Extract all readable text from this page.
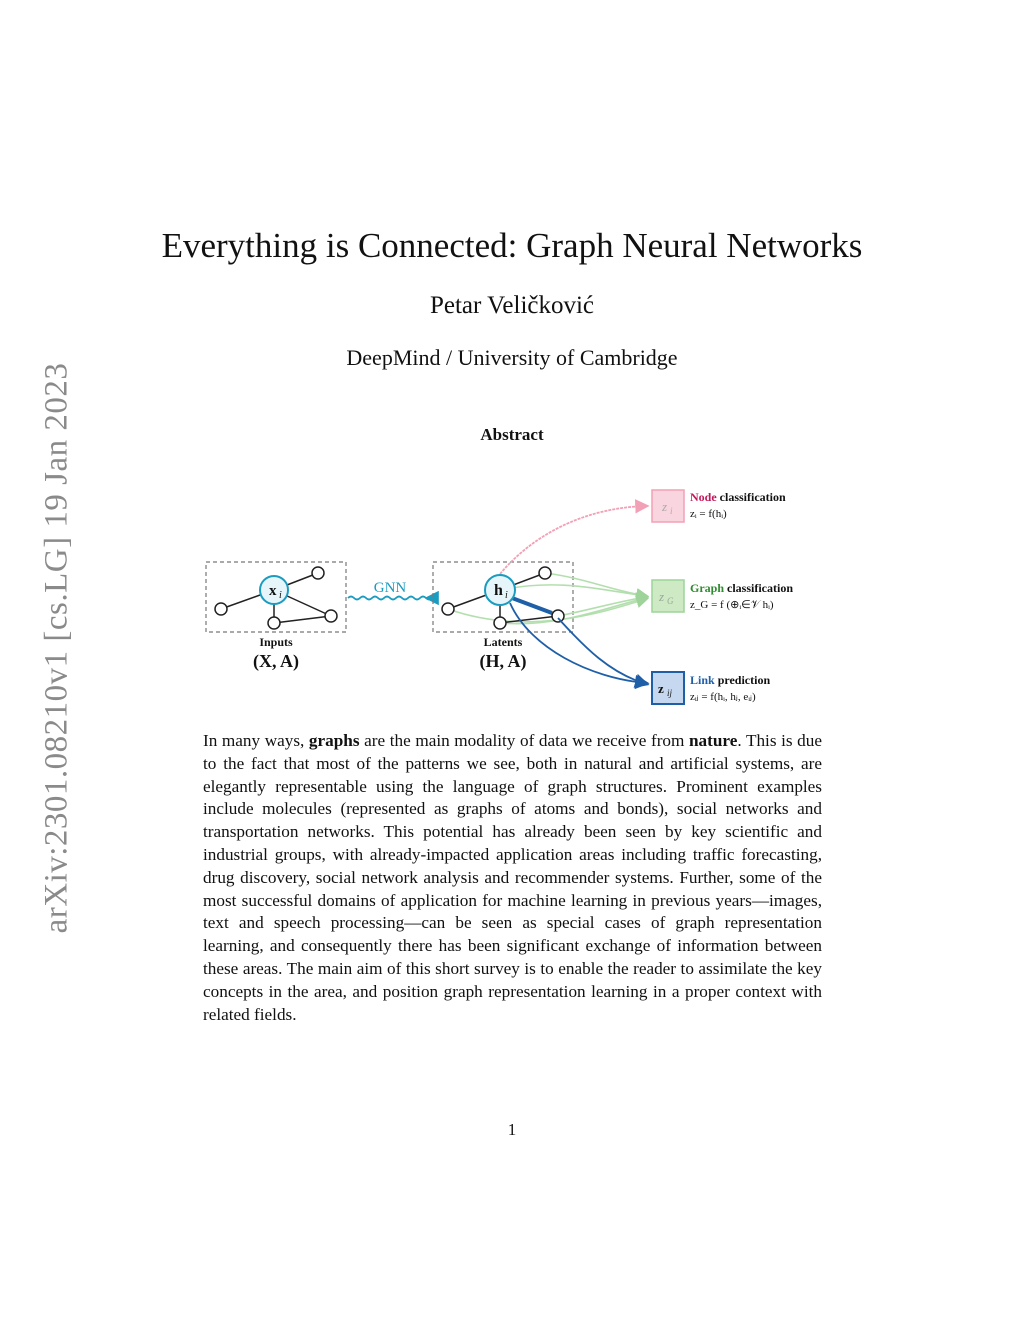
arXiv:2301.08210v1 [cs.LG] 19 Jan 2023
Everything is Connected: Graph Neural Networks
Petar Veličković
DeepMind / University of Cambridge
Abstract
x i
Inputs
(X, A)
GNN	h i
Latents
(H, A)
z i
Node classification
zᵢ = f(hᵢ)
z G
Graph classification
z_G = f (⊕ᵢ∈𝒱 hᵢ)
z ij
Link prediction
zᵢⱼ = f(hᵢ, hⱼ, eᵢⱼ)

In many ways, graphs are the main modality of data we receive from nature. This is due to the fact that most of the patterns we see, both in natural and artificial systems, are elegantly representable using the language of graph structures. Prominent examples include molecules (represented as graphs of atoms and bonds), social networks and transportation networks. This potential has already been seen by key scientific and industrial groups, with already-impacted application areas including traffic forecasting, drug discovery, social network analysis and recommender systems. Further, some of the most successful domains of application for machine learning in previous years—images, text and speech processing—can be seen as special cases of graph representation learning, and consequently there has been significant exchange of information between these areas. The main aim of this short survey is to enable the reader to assimilate the key concepts in the area, and position graph representation learning in a proper context with related fields.

1
